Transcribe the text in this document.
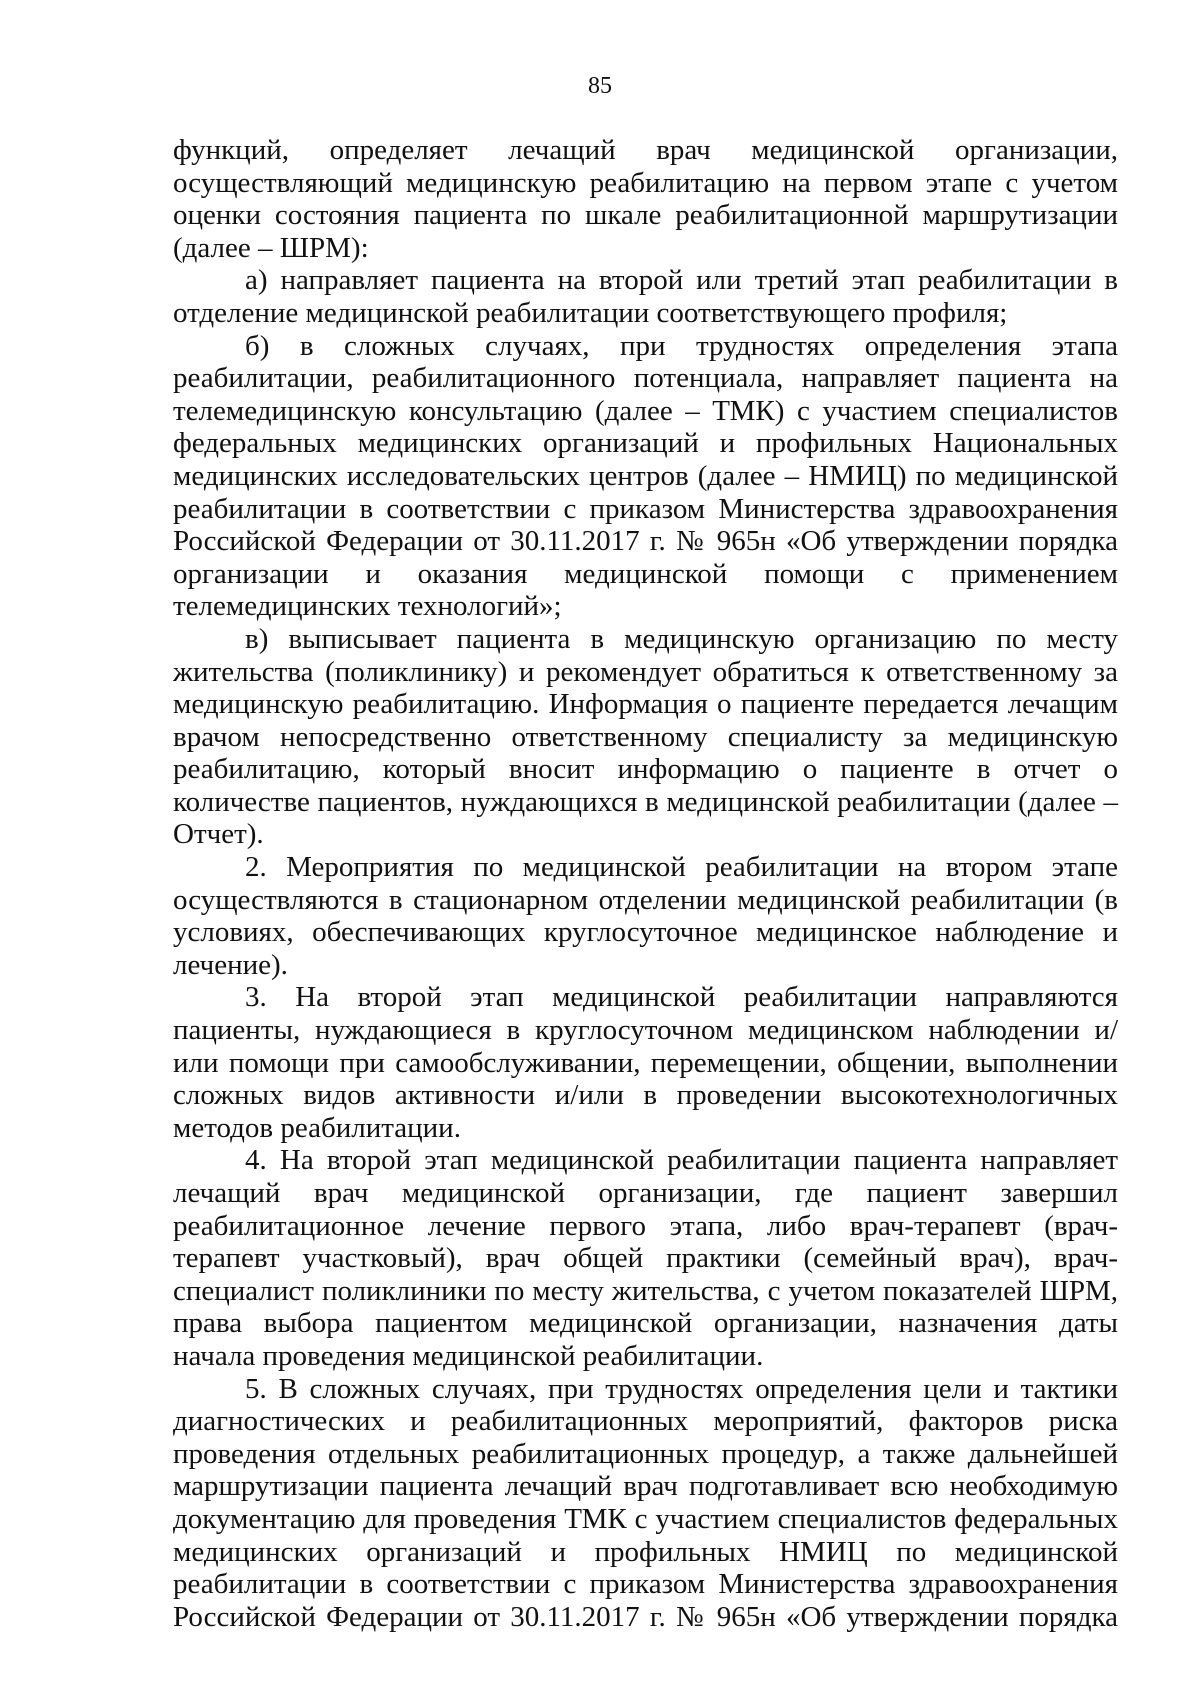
85

функций, определяет лечащий врач медицинской организации, осуществляющий медицинскую реабилитацию на первом этапе с учетом оценки состояния пациента по шкале реабилитационной маршрутизации (далее – ШРМ):

а) направляет пациента на второй или третий этап реабилитации в отделение медицинской реабилитации соответствующего профиля;

б) в сложных случаях, при трудностях определения этапа реабилитации, реабилитационного потенциала, направляет пациента на телемедицинскую консультацию (далее – ТМК) с участием специалистов федеральных медицинских организаций и профильных Национальных медицинских исследовательских центров (далее – НМИЦ) по медицинской реабилитации в соответствии с приказом Министерства здравоохранения Российской Федерации от 30.11.2017 г. № 965н «Об утверждении порядка организации и оказания медицинской помощи с применением телемедицинских технологий»;

в) выписывает пациента в медицинскую организацию по месту жительства (поликлинику) и рекомендует обратиться к ответственному за медицинскую реабилитацию. Информация о пациенте передается лечащим врачом непосредственно ответственному специалисту за медицинскую реабилитацию, который вносит информацию о пациенте в отчет о количестве пациентов, нуждающихся в медицинской реабилитации (далее – Отчет).

2. Мероприятия по медицинской реабилитации на втором этапе осуществляются в стационарном отделении медицинской реабилитации (в условиях, обеспечивающих круглосуточное медицинское наблюдение и лечение).

3. На второй этап медицинской реабилитации направляются пациенты, нуждающиеся в круглосуточном медицинском наблюдении и/или помощи при самообслуживании, перемещении, общении, выполнении сложных видов активности и/или в проведении высокотехнологичных методов реабилитации.

4. На второй этап медицинской реабилитации пациента направляет лечащий врач медицинской организации, где пациент завершил реабилитационное лечение первого этапа, либо врач-терапевт (врач-терапевт участковый), врач общей практики (семейный врач), врач-специалист поликлиники по месту жительства, с учетом показателей ШРМ, права выбора пациентом медицинской организации, назначения даты начала проведения медицинской реабилитации.

5. В сложных случаях, при трудностях определения цели и тактики диагностических и реабилитационных мероприятий, факторов риска проведения отдельных реабилитационных процедур, а также дальнейшей маршрутизации пациента лечащий врач подготавливает всю необходимую документацию для проведения ТМК с участием специалистов федеральных медицинских организаций и профильных НМИЦ по медицинской реабилитации в соответствии с приказом Министерства здравоохранения Российской Федерации от 30.11.2017 г. № 965н «Об утверждении порядка
